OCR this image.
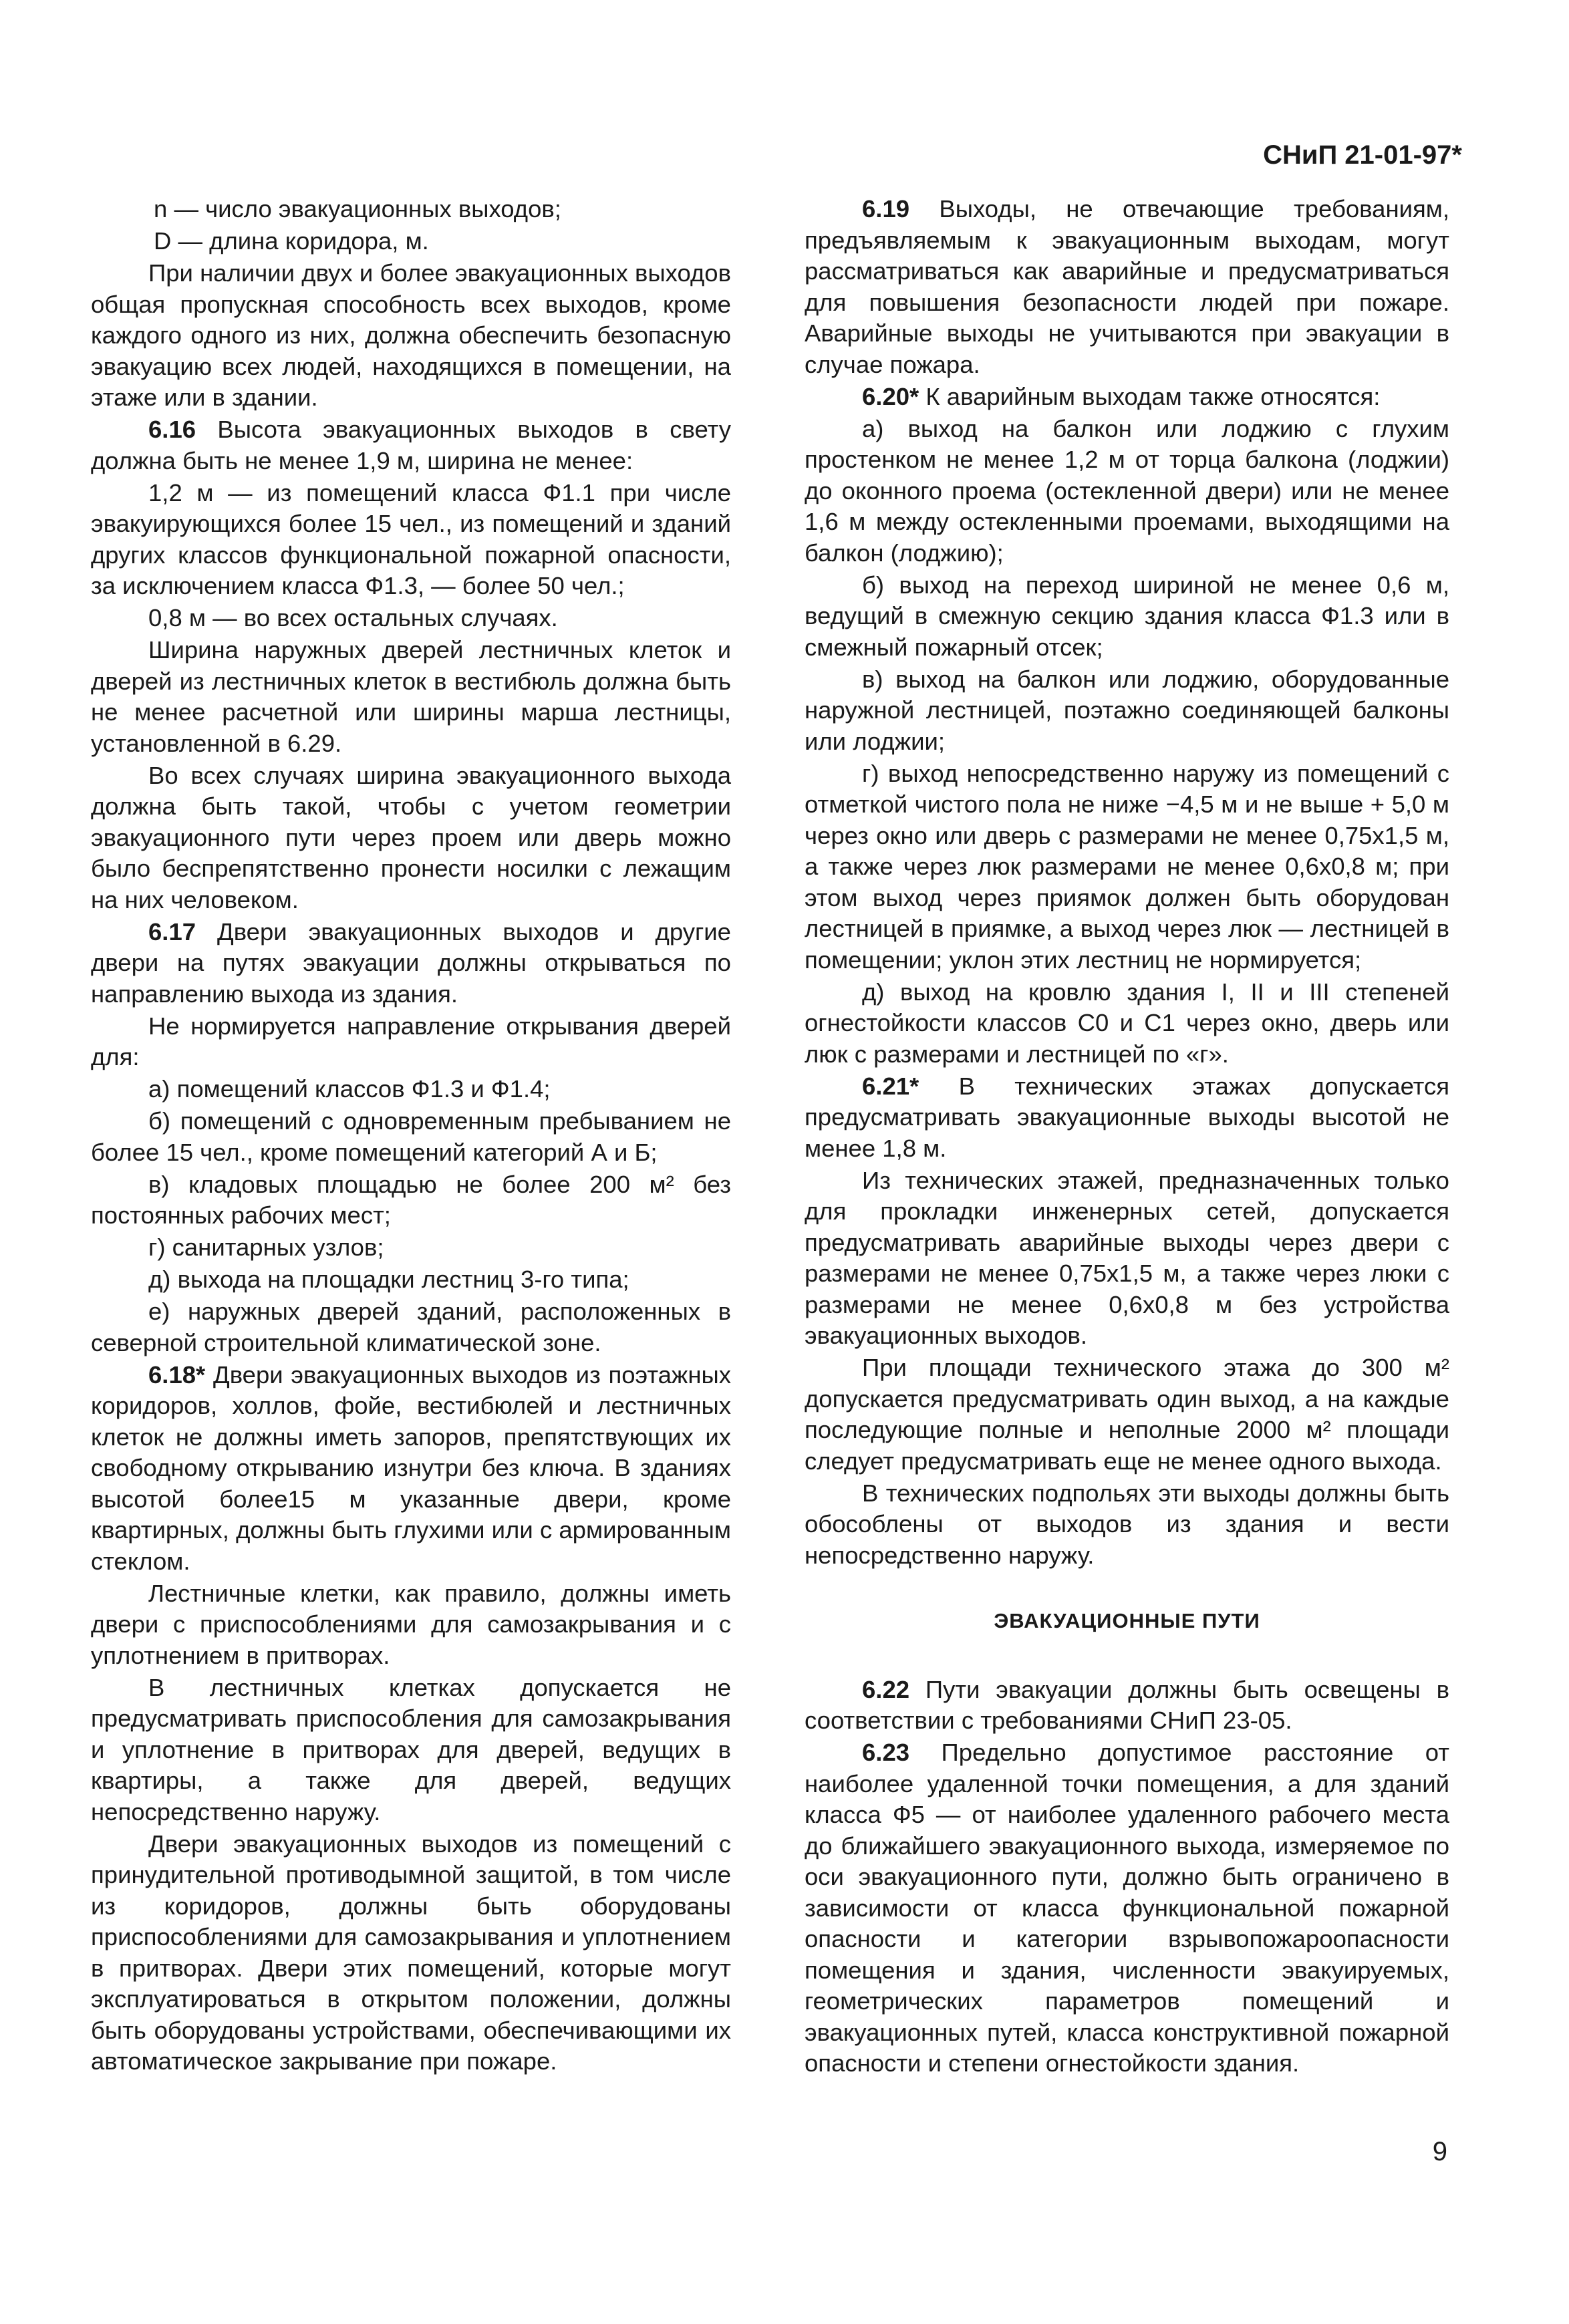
СНиП 21-01-97*

n — число эвакуационных выходов;

D — длина коридора, м.

При наличии двух и более эвакуационных выходов общая пропускная способность всех выходов, кроме каждого одного из них, должна обеспечить безопасную эвакуацию всех людей, находящихся в помещении, на этаже или в здании.

6.16 Высота эвакуационных выходов в свету должна быть не менее 1,9 м, ширина не менее:

1,2 м — из помещений класса Ф1.1 при числе эвакуирующихся более 15 чел., из помещений и зданий других классов функциональной пожарной опасности, за исключением класса Ф1.3, — более 50 чел.;

0,8 м — во всех остальных случаях.

Ширина наружных дверей лестничных клеток и дверей из лестничных клеток в вестибюль должна быть не менее расчетной или ширины марша лестницы, установленной в 6.29.

Во всех случаях ширина эвакуационного выхода должна быть такой, чтобы с учетом геометрии эвакуационного пути через проем или дверь можно было беспрепятственно пронести носилки с лежащим на них человеком.

6.17 Двери эвакуационных выходов и другие двери на путях эвакуации должны открываться по направлению выхода из здания.

Не нормируется направление открывания дверей для:

а) помещений классов Ф1.3 и Ф1.4;

б) помещений с одновременным пребыванием не более 15 чел., кроме помещений категорий А и Б;

в) кладовых площадью не более 200 м² без постоянных рабочих мест;

г) санитарных узлов;

д) выхода на площадки лестниц 3-го типа;

е) наружных дверей зданий, расположенных в северной строительной климатической зоне.

6.18* Двери эвакуационных выходов из поэтажных коридоров, холлов, фойе, вестибюлей и лестничных клеток не должны иметь запоров, препятствующих их свободному открыванию изнутри без ключа. В зданиях высотой более15 м указанные двери, кроме квартирных, должны быть глухими или с армированным стеклом.

Лестничные клетки, как правило, должны иметь двери с приспособлениями для самозакрывания и с уплотнением в притворах.

В лестничных клетках допускается не предусматривать приспособления для самозакрывания и уплотнение в притворах для дверей, ведущих в квартиры, а также для дверей, ведущих непосредственно наружу.

Двери эвакуационных выходов из помещений с принудительной противодымной защитой, в том числе из коридоров, должны быть оборудованы приспособлениями для самозакрывания и уплотнением в притворах. Двери этих помещений, которые могут эксплуатироваться в открытом положении, должны быть оборудованы устройствами, обеспечивающими их автоматическое закрывание при пожаре.

6.19 Выходы, не отвечающие требованиям, предъявляемым к эвакуационным выходам, могут рассматриваться как аварийные и предусматриваться для повышения безопасности людей при пожаре. Аварийные выходы не учитываются при эвакуации в случае пожара.

6.20* К аварийным выходам также относятся:

а) выход на балкон или лоджию с глухим простенком не менее 1,2 м от торца балкона (лоджии) до оконного проема (остекленной двери) или не менее 1,6 м между остекленными проемами, выходящими на балкон (лоджию);

б) выход на переход шириной не менее 0,6 м, ведущий в смежную секцию здания класса Ф1.3 или в смежный пожарный отсек;

в) выход на балкон или лоджию, оборудованные наружной лестницей, поэтажно соединяющей балконы или лоджии;

г) выход непосредственно наружу из помещений с отметкой чистого пола не ниже −4,5 м и не выше + 5,0 м через окно или дверь с размерами не менее 0,75х1,5 м, а также через люк размерами не менее 0,6х0,8 м; при этом выход через приямок должен быть оборудован лестницей в приямке, а выход через люк — лестницей в помещении; уклон этих лестниц не нормируется;

д) выход на кровлю здания I, II и III степеней огнестойкости классов С0 и С1 через окно, дверь или люк с размерами и лестницей по «г».

6.21* В технических этажах допускается предусматривать эвакуационные выходы высотой не менее 1,8 м.

Из технических этажей, предназначенных только для прокладки инженерных сетей, допускается предусматривать аварийные выходы через двери с размерами не менее 0,75х1,5 м, а также через люки с размерами не менее 0,6х0,8 м без устройства эвакуационных выходов.

При площади технического этажа до 300 м² допускается предусматривать один выход, а на каждые последующие полные и неполные 2000 м² площади следует предусматривать еще не менее одного выхода.

В технических подпольях эти выходы должны быть обособлены от выходов из здания и вести непосредственно наружу.

ЭВАКУАЦИОННЫЕ ПУТИ

6.22 Пути эвакуации должны быть освещены в соответствии с требованиями СНиП 23-05.

6.23 Предельно допустимое расстояние от наиболее удаленной точки помещения, а для зданий класса Ф5 — от наиболее удаленного рабочего места до ближайшего эвакуационного выхода, измеряемое по оси эвакуационного пути, должно быть ограничено в зависимости от класса функциональной пожарной опасности и категории взрывопожароопасности помещения и здания, численности эвакуируемых, геометрических параметров помещений и эвакуационных путей, класса конструктивной пожарной опасности и степени огнестойкости здания.

9
